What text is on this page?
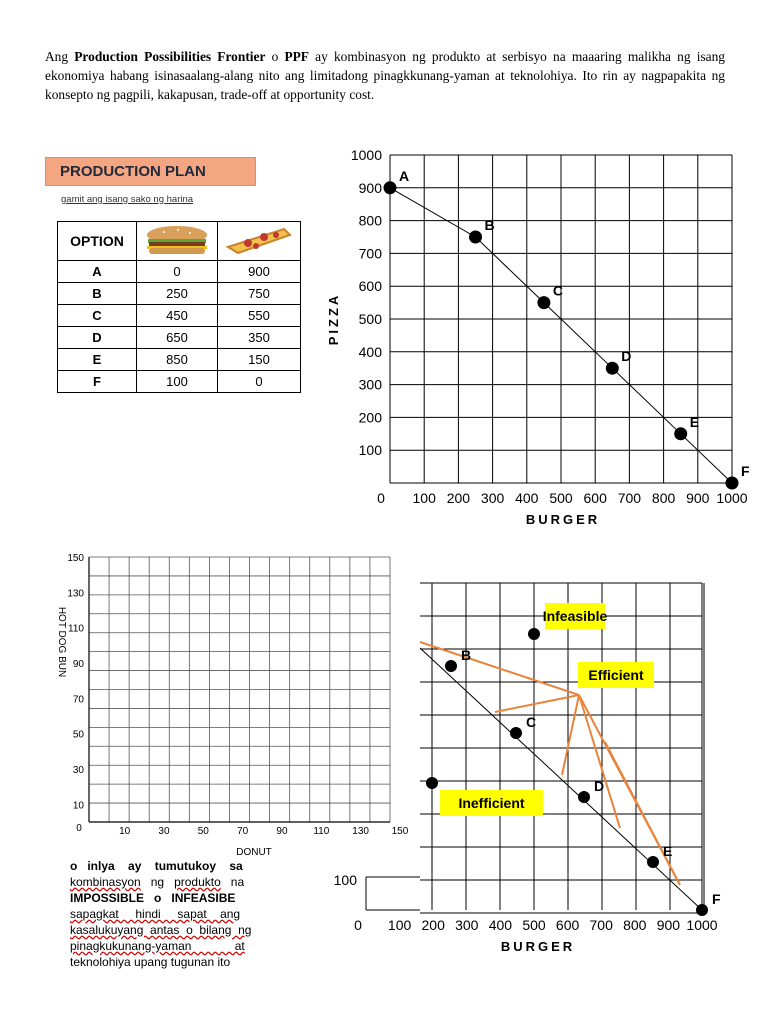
Ang Production Possibilities Frontier o PPF ay kombinasyon ng produkto at serbisyo na maaaring malikha ng isang ekonomiya habang isinasaalang-alang nito ang limitadong pinagkkunang-yaman at teknolohiya. Ito rin ay nagpapakita ng konsepto ng pagpili, kakapusan, trade-off at opportunity cost.
PRODUCTION PLAN
gamit ang isang sako ng harina
OPTION		
A	0	900
B	250	750
C	450	550
D	650	350
E	850	150
F	100	0
0 100 200 300 400 500 600 700 800 900 1000
100
200
300
400
500
600
700
800
900
1000
BURGER
PIZZA
A
B
C
D
E
F
0	10	30	50	70	90	110 130 150
10
30
50
70
90
110
130
150
DONUT
HOT DOG BUN
0 100 200 300 400 500 600 700 800 900 1000
100
BURGER
B
C
D
E
F
Infeasible
Efficient
Inefficient
o   inlya    ay    tumutukoy    sa
kombinasyon   ng   produkto   na
IMPOSSIBLE   o   INFEASIBE
sapagkat     hindi     sapat    ang
kasalukuyang  antas  o  bilang  ng
pinagkukunang-yaman             at
teknolohiya upang tugunan ito
